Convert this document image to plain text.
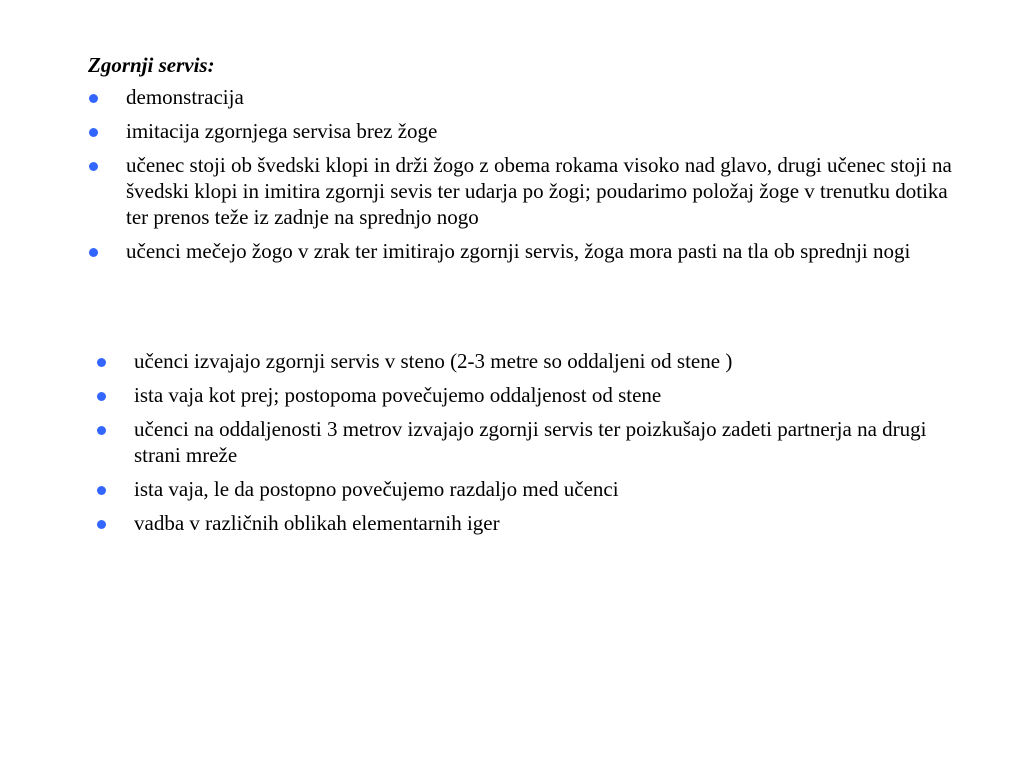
Zgornji servis:
demonstracija
imitacija zgornjega servisa brez žoge
učenec stoji ob švedski klopi in drži žogo z obema rokama visoko nad glavo, drugi učenec stoji na švedski klopi in imitira zgornji sevis ter udarja po žogi; poudarimo položaj žoge v trenutku dotika ter prenos teže iz zadnje na sprednjo nogo
učenci mečejo žogo v zrak ter imitirajo zgornji servis, žoga mora pasti na tla ob sprednji nogi
učenci izvajajo zgornji servis v steno (2-3 metre so oddaljeni od stene )
ista vaja kot prej; postopoma povečujemo oddaljenost od stene
učenci na oddaljenosti 3 metrov izvajajo zgornji servis ter poizkušajo zadeti partnerja na drugi strani mreže
ista vaja, le da postopno povečujemo razdaljo med učenci
vadba v različnih oblikah elementarnih iger
